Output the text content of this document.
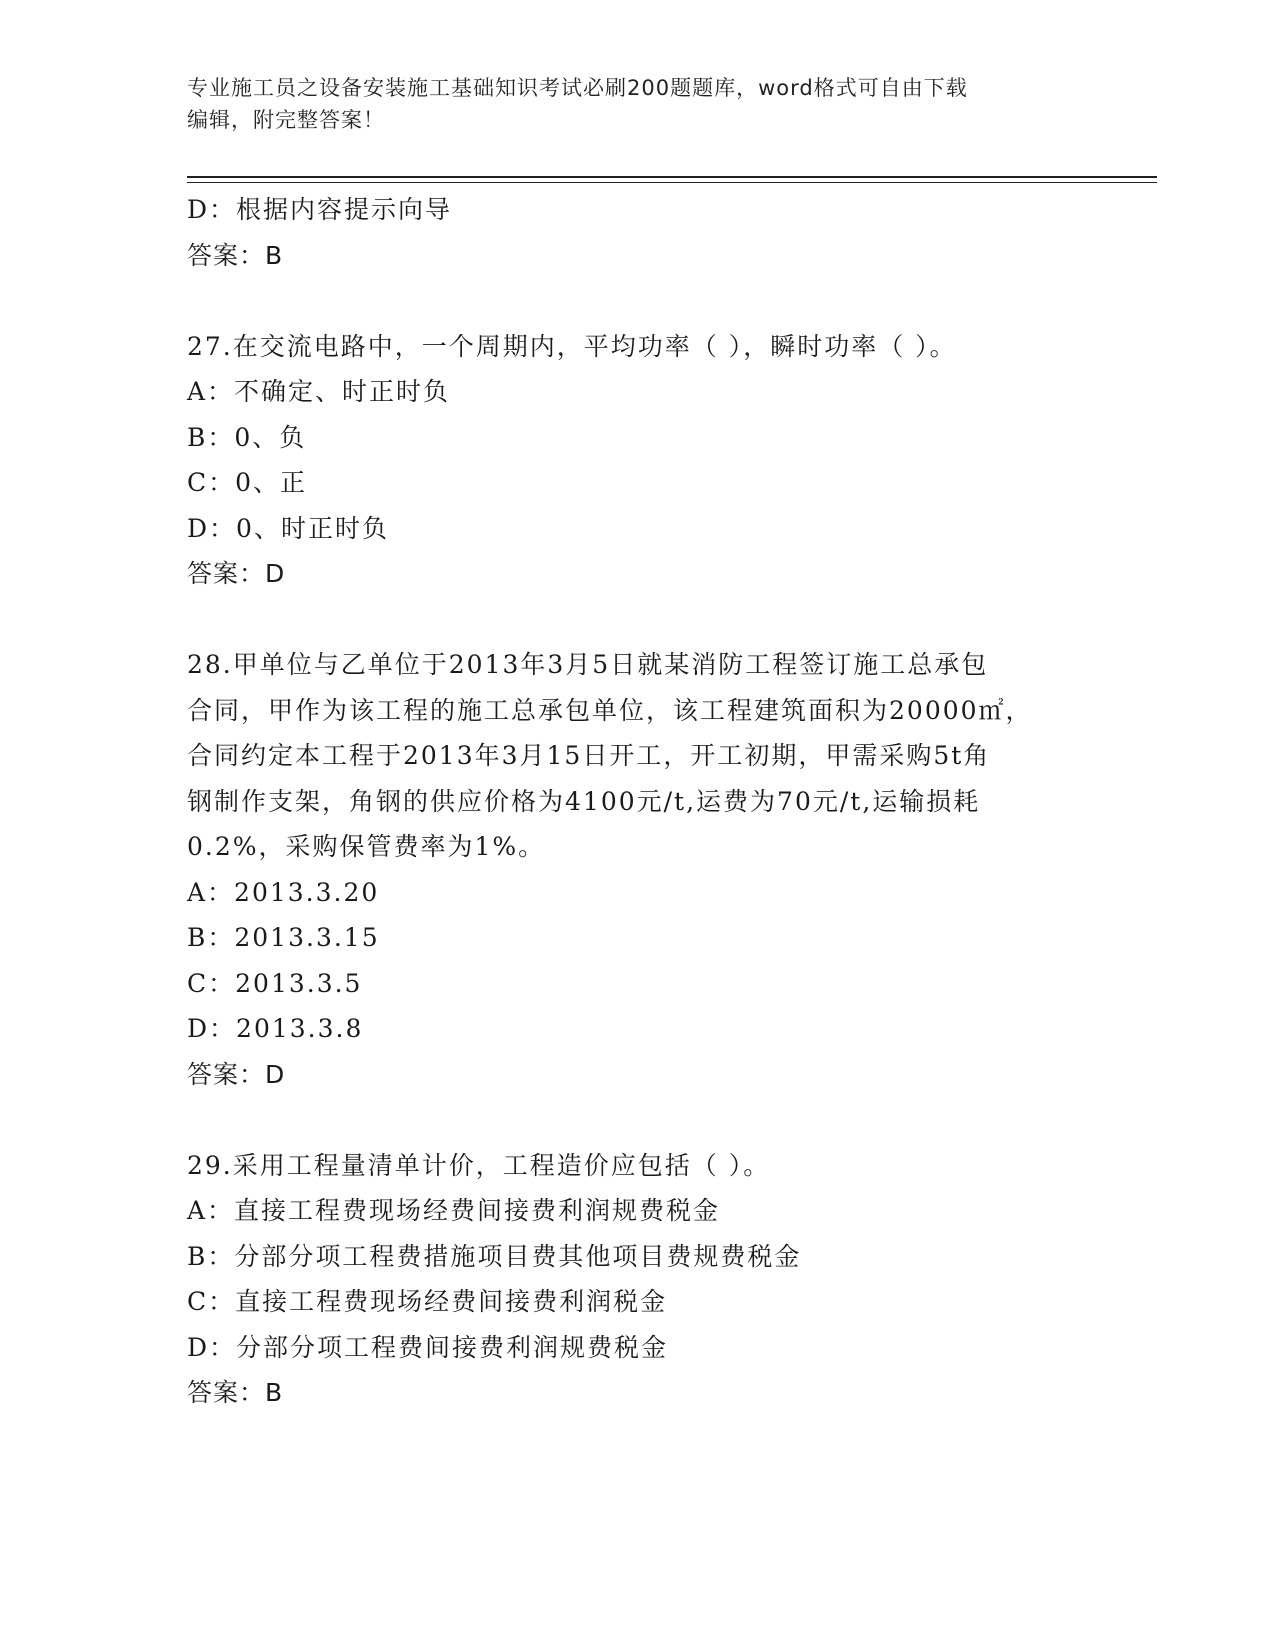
专业施工员之设备安装施工基础知识考试必刷200题题库，word格式可自由下载
编辑，附完整答案！
D：根据内容提示向导
答案：B
27.在交流电路中，一个周期内，平均功率（ ），瞬时功率（ ）。
A：不确定、时正时负
B：0、负
C：0、正
D：0、时正时负
答案：D
28.甲单位与乙单位于2013年3月5日就某消防工程签订施工总承包
合同，甲作为该工程的施工总承包单位，该工程建筑面积为20000㎡，
合同约定本工程于2013年3月15日开工，开工初期，甲需采购5t角
钢制作支架，角钢的供应价格为4100元/t,运费为70元/t,运输损耗
0.2%，采购保管费率为1%。
A：2013.3.20
B：2013.3.15
C：2013.3.5
D：2013.3.8
答案：D
29.采用工程量清单计价，工程造价应包括（ ）。
A：直接工程费现场经费间接费利润规费税金
B：分部分项工程费措施项目费其他项目费规费税金
C：直接工程费现场经费间接费利润税金
D：分部分项工程费间接费利润规费税金
答案：B
